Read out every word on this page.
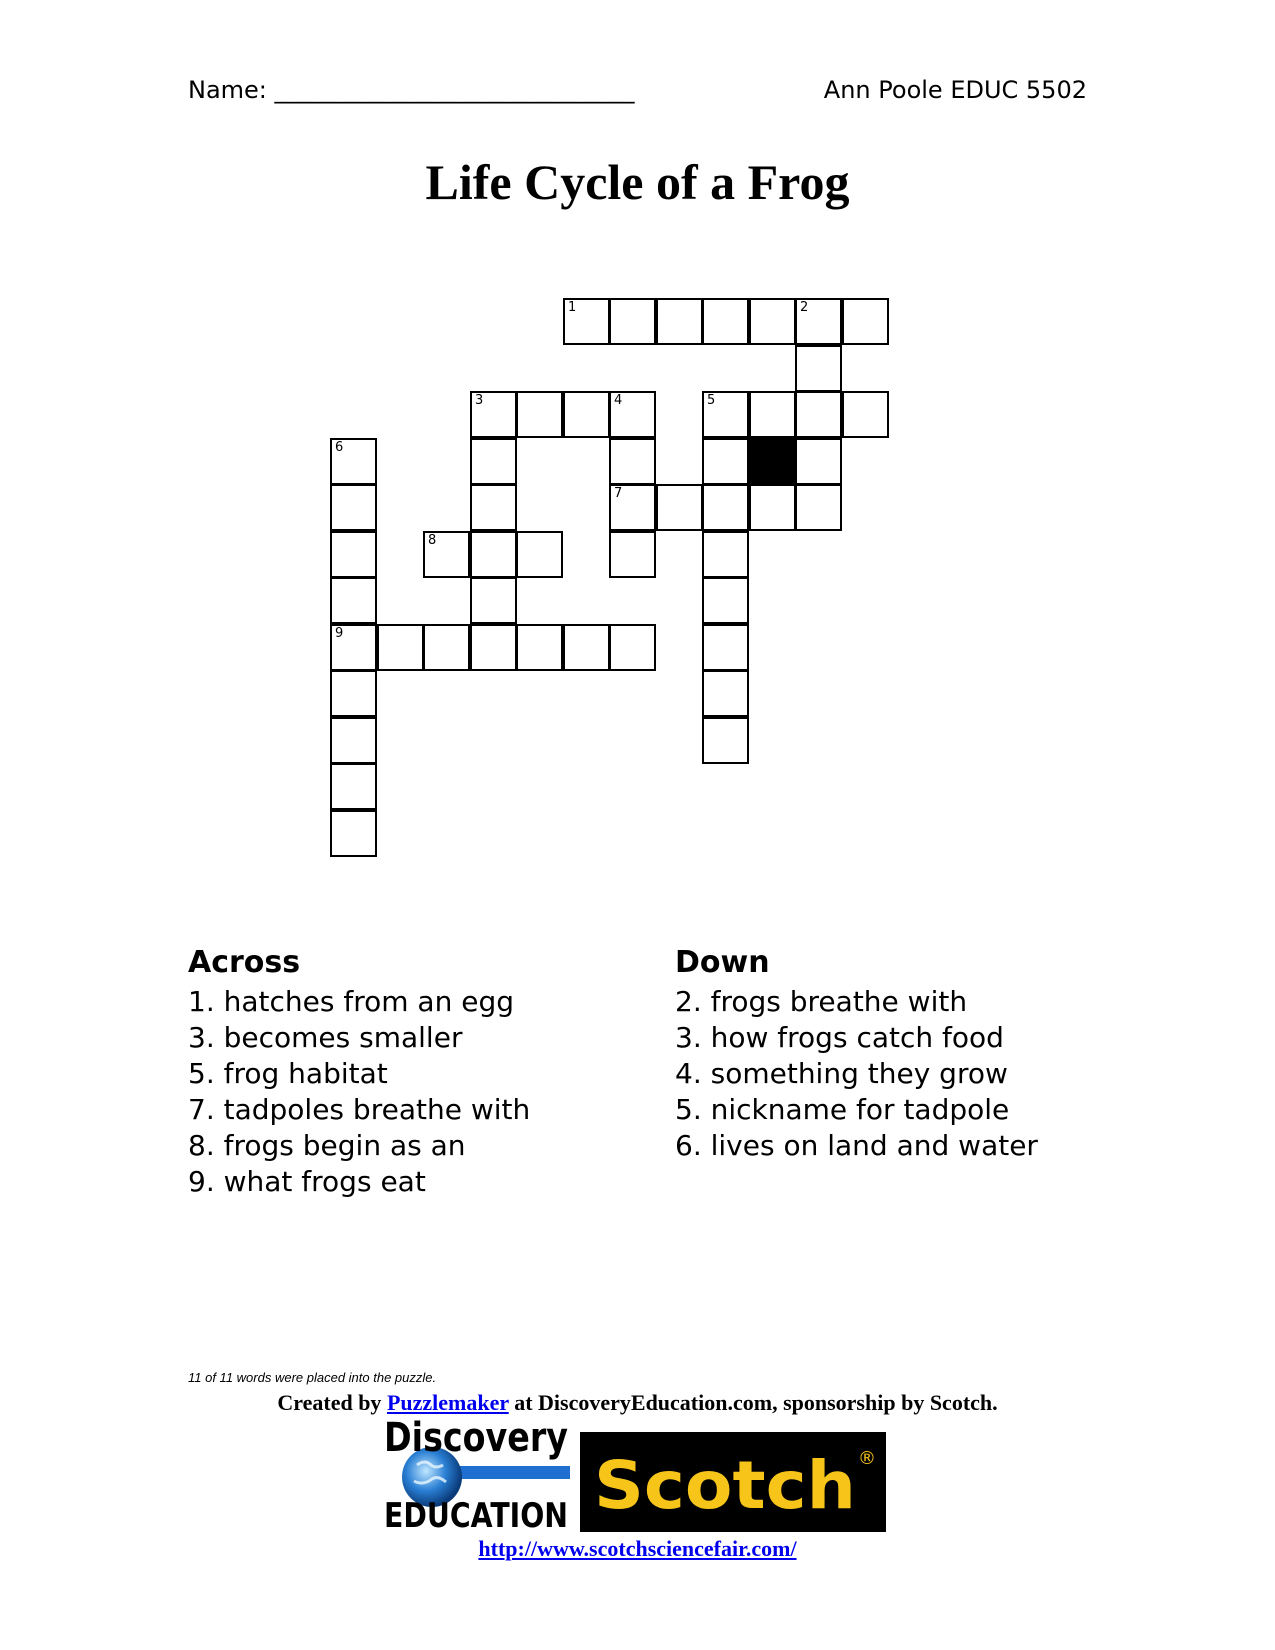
Name: ______________________________	Ann Poole EDUC 5502
Life Cycle of a Frog
1	2
3	4	5
6
7
8
9
Across

1. hatches from an egg

3. becomes smaller

5. frog habitat

7. tadpoles breathe with

8. frogs begin as an

9. what frogs eat

Down

2. frogs breathe with

3. how frogs catch food

4. something they grow

5. nickname for tadpole

6. lives on land and water

11 of 11 words were placed into the puzzle.
Created by Puzzlemaker at DiscoveryEducation.com, sponsorship by Scotch.
Discovery
EDUCATION Scotch ®
http://www.scotchsciencefair.com/
